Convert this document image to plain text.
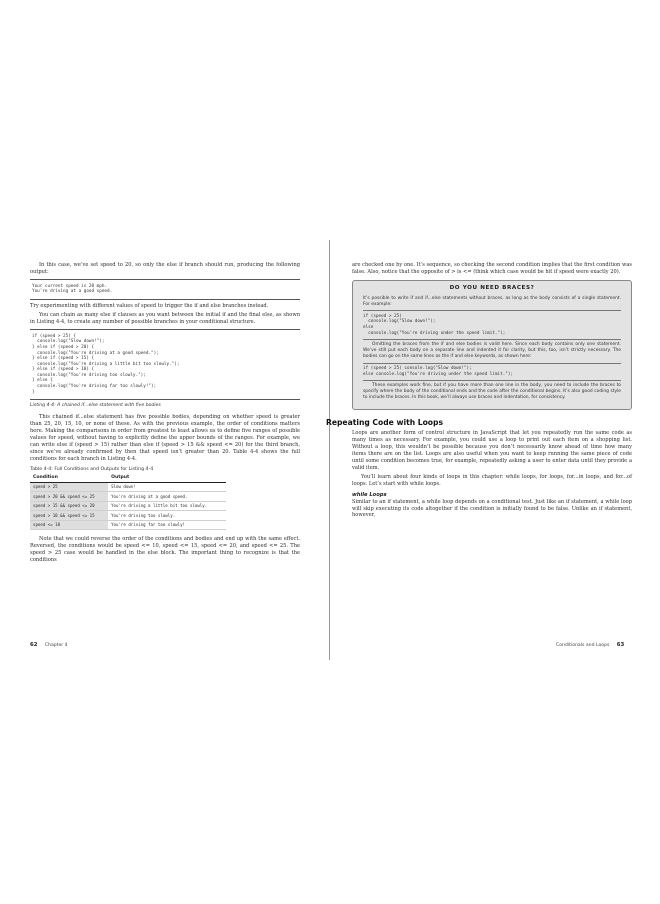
In this case, we’ve set speed to 20, so only the else if branch should run, producing the following output:

Your current speed is 20 mph.
You're driving at a good speed.

Try experimenting with different values of speed to trigger the if and else branches instead.

You can chain as many else if clauses as you want between the initial if and the final else, as shown in Listing 4-4, to create any number of possible branches in your conditional structure.

if (speed > 25) {
console.log("Slow down!");
} else if (speed > 20) {
console.log("You're driving at a good speed.");
} else if (speed > 15) {
console.log("You're driving a little bit too slowly.");
} else if (speed > 10) {
console.log("You're driving too slowly.");
} else {
console.log("You're driving far too slowly!");
}
Listing 4-4: A chained if...else statement with five bodies

This chained if...else statement has five possible bodies, depending on whether speed is greater than 25, 20, 15, 10, or none of these. As with the previous example, the order of conditions matters here. Making the comparisons in order from greatest to least allows us to define five ranges of possible values for speed, without having to explicitly define the upper bounds of the ranges. For example, we can write else if (speed > 15) rather than else if (speed > 15 && speed <= 20) for the third branch, since we’ve already confirmed by then that speed isn’t greater than 20. Table 4-4 shows the full conditions for each branch in Listing 4-4.

Table 4-4: Full Conditions and Outputs for Listing 4-4
Condition	Output
speed > 25	Slow down!
speed > 20 && speed <= 25	You're driving at a good speed.
speed > 15 && speed <= 20	You're driving a little bit too slowly.
speed > 10 && speed <= 15	You're driving too slowly.
speed <= 10	You're driving far too slowly!

Note that we could reverse the order of the conditions and bodies and end up with the same effect. Reversed, the conditions would be speed <= 10, speed <= 15, speed <= 20, and speed <= 25. The speed > 25 case would be handled in the else block. The important thing to recognize is that the conditions

62 Chapter 4

are checked one by one. It’s sequence, so checking the second condition implies that the first condition was false. Also, notice that the opposite of > is <= (think which case would be hit if speed were exactly 20).

DO YOU NEED BRACES?

It’s possible to write if and if...else statements without braces, as long as the body consists of a single statement. For example:

if (speed > 25)
console.log("Slow down!");
else
console.log("You're driving under the speed limit.");

Omitting the braces from the if and else bodies is valid here. Since each body contains only one statement. We’ve still put each body on a separate line and indented it for clarity, but this, too, isn’t strictly necessary. The bodies can go on the same lines as the if and else keywords, as shown here:

if (speed > 25) console.log("Slow down!");
else console.log("You're driving under the speed limit.");

These examples work fine, but if you have more than one line in the body, you need to include the braces to specify where the body of the conditional ends and the code after the conditional begins. It’s also good coding style to include the braces. In this book, we’ll always use braces and indentation, for consistency.

Repeating Code with Loops

Loops are another form of control structure in JavaScript that let you repeatedly run the same code as many times as necessary. For example, you could use a loop to print out each item on a shopping list. Without a loop, this wouldn’t be possible because you don’t necessarily know ahead of time how many items there are on the list. Loops are also useful when you want to keep running the same piece of code until some condition becomes true, for example, repeatedly asking a user to enter data until they provide a valid item.

You’ll learn about four kinds of loops in this chapter: while loops, for loops, for...in loops, and for...of loops. Let’s start with while loops.

while Loops

Similar to an if statement, a while loop depends on a conditional test. Just like an if statement, a while loop will skip executing its code altogether if the condition is initially found to be false. Unlike an if statement, however,

Conditionals and Loops 63
